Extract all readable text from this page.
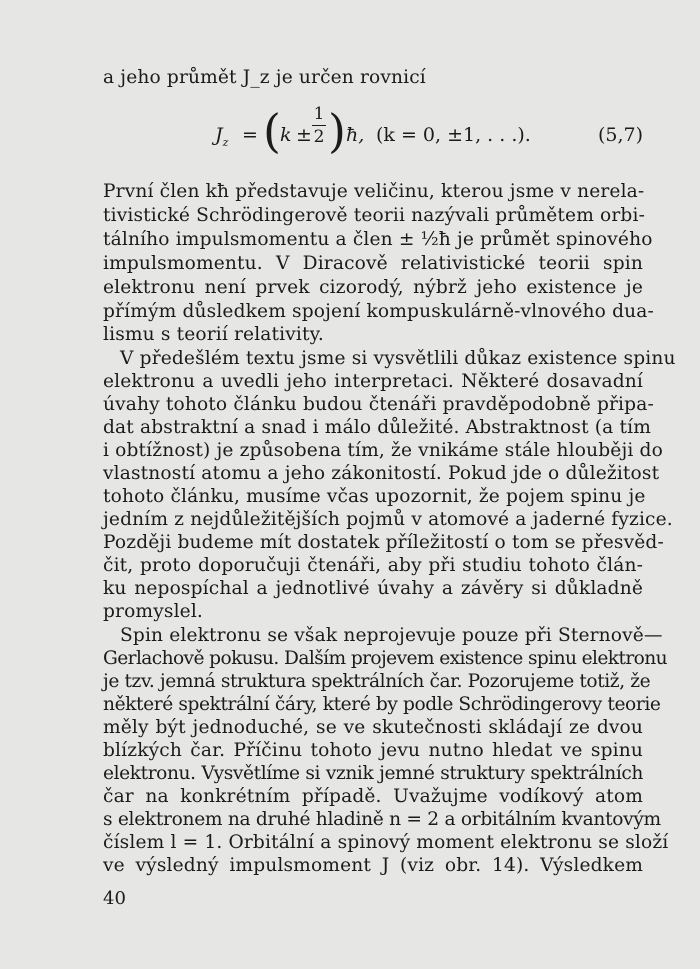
a jeho průmět J_z je určen rovnicí
$J_z$ = ( k ±
1
2 ) ħ, (k = 0, ±1, . . .).	(5,7)
První člen kħ představuje veličinu, kterou jsme v nerela-
tivistické Schrödingerově teorii nazývali průmětem orbi-
tálního impulsmomentu a člen ± ½ħ je průmět spinového
impulsmomentu. V Diracově relativistické teorii spin
elektronu není prvek cizorodý, nýbrž jeho existence je
přímým důsledkem spojení kompuskulárně-vlnového dua-
lismu s teorií relativity.
V předešlém textu jsme si vysvětlili důkaz existence spinu
elektronu a uvedli jeho interpretaci. Některé dosavadní
úvahy tohoto článku budou čtenáři pravděpodobně připa-
dat abstraktní a snad i málo důležité. Abstraktnost (a tím
i obtížnost) je způsobena tím, že vnikáme stále hlouběji do
vlastností atomu a jeho zákonitostí. Pokud jde o důležitost
tohoto článku, musíme včas upozornit, že pojem spinu je
jedním z nejdůležitějších pojmů v atomové a jaderné fyzice.
Později budeme mít dostatek příležitostí o tom se přesvěd-
čit, proto doporučuji čtenáři, aby při studiu tohoto člán-
ku nepospíchal a jednotlivé úvahy a závěry si důkladně
promyslel.
Spin elektronu se však neprojevuje pouze při Sternově—
Gerlachově pokusu. Dalším projevem existence spinu elektronu
je tzv. jemná struktura spektrálních čar. Pozorujeme totiž, že
některé spektrální čáry, které by podle Schrödingerovy teorie
měly být jednoduché, se ve skutečnosti skládají ze dvou
blízkých čar. Příčinu tohoto jevu nutno hledat ve spinu
elektronu. Vysvětlíme si vznik jemné struktury spektrálních
čar na konkrétním případě. Uvažujme vodíkový atom
s elektronem na druhé hladině n = 2 a orbitálním kvantovým
číslem l = 1. Orbitální a spinový moment elektronu se složí
ve výsledný impulsmoment J (viz obr. 14). Výsledkem
40
